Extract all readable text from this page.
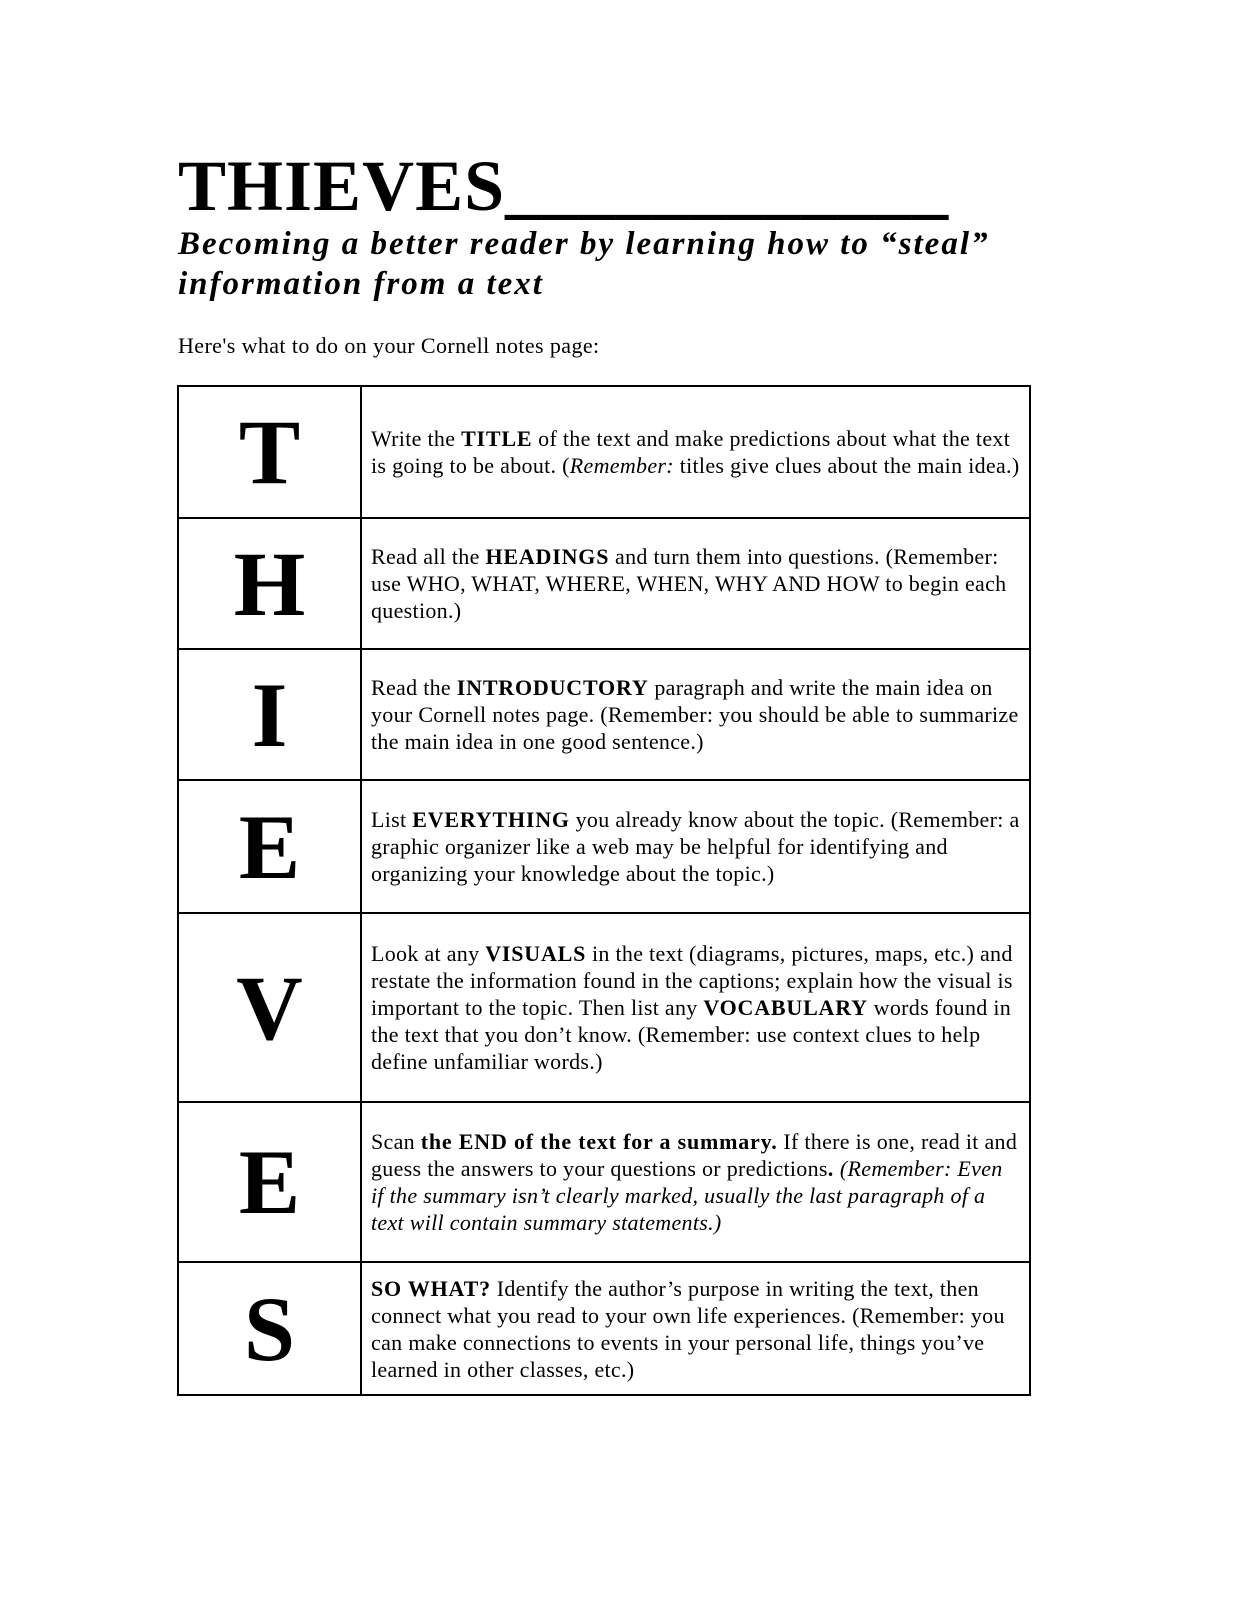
THIEVES____________
Becoming a better reader by learning how to “steal” information from a text

Here's what to do on your Cornell notes page:

T	Write the TITLE of the text and make predictions about what the text is going to be about. (Remember: titles give clues about the main idea.)
H	Read all the HEADINGS and turn them into questions. (Remember: use WHO, WHAT, WHERE, WHEN, WHY AND HOW to begin each question.)
I	Read the INTRODUCTORY paragraph and write the main idea on your Cornell notes page. (Remember: you should be able to summarize the main idea in one good sentence.)
E	List EVERYTHING you already know about the topic. (Remember: a graphic organizer like a web may be helpful for identifying and organizing your knowledge about the topic.)
V	Look at any VISUALS in the text (diagrams, pictures, maps, etc.) and restate the information found in the captions; explain how the visual is important to the topic. Then list any VOCABULARY words found in the text that you don’t know. (Remember: use context clues to help define unfamiliar words.)
E	Scan the END of the text for a summary. If there is one, read it and guess the answers to your questions or predictions. (Remember: Even if the summary isn’t clearly marked, usually the last paragraph of a text will contain summary statements.)
S	SO WHAT? Identify the author’s purpose in writing the text, then connect what you read to your own life experiences. (Remember: you can make connections to events in your personal life, things you’ve learned in other classes, etc.)
